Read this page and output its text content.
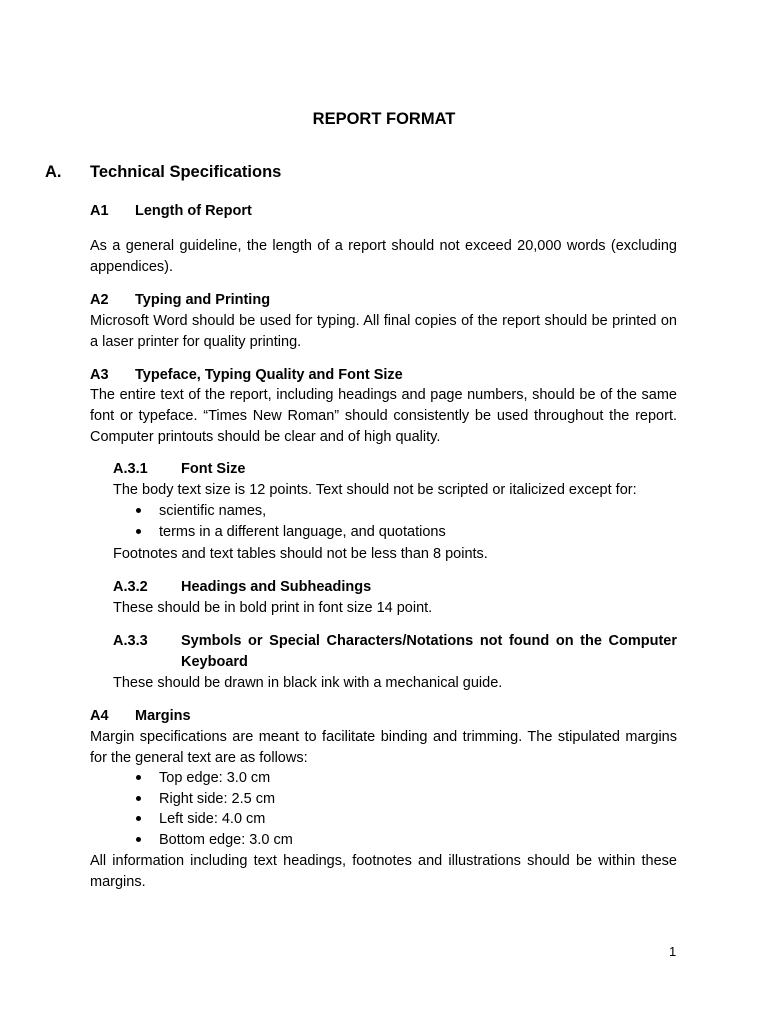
REPORT FORMAT
A. Technical Specifications
A1 Length of Report
As a general guideline, the length of a report should not exceed 20,000 words (excluding appendices).
A2 Typing and Printing
Microsoft Word should be used for typing. All final copies of the report should be printed on a laser printer for quality printing.
A3 Typeface, Typing Quality and Font Size
The entire text of the report, including headings and page numbers, should be of the same font or typeface. “Times New Roman” should consistently be used throughout the report. Computer printouts should be clear and of high quality.
A.3.1 Font Size
The body text size is 12 points. Text should not be scripted or italicized except for:
scientific names,
terms in a different language, and quotations
Footnotes and text tables should not be less than 8 points.
A.3.2 Headings and Subheadings
These should be in bold print in font size 14 point.
A.3.3 Symbols or Special Characters/Notations not found on the Computer Keyboard
These should be drawn in black ink with a mechanical guide.
A4 Margins
Margin specifications are meant to facilitate binding and trimming. The stipulated margins for the general text are as follows:
Top edge: 3.0 cm
Right side: 2.5 cm
Left side: 4.0 cm
Bottom edge: 3.0 cm
All information including text headings, footnotes and illustrations should be within these margins.
1
